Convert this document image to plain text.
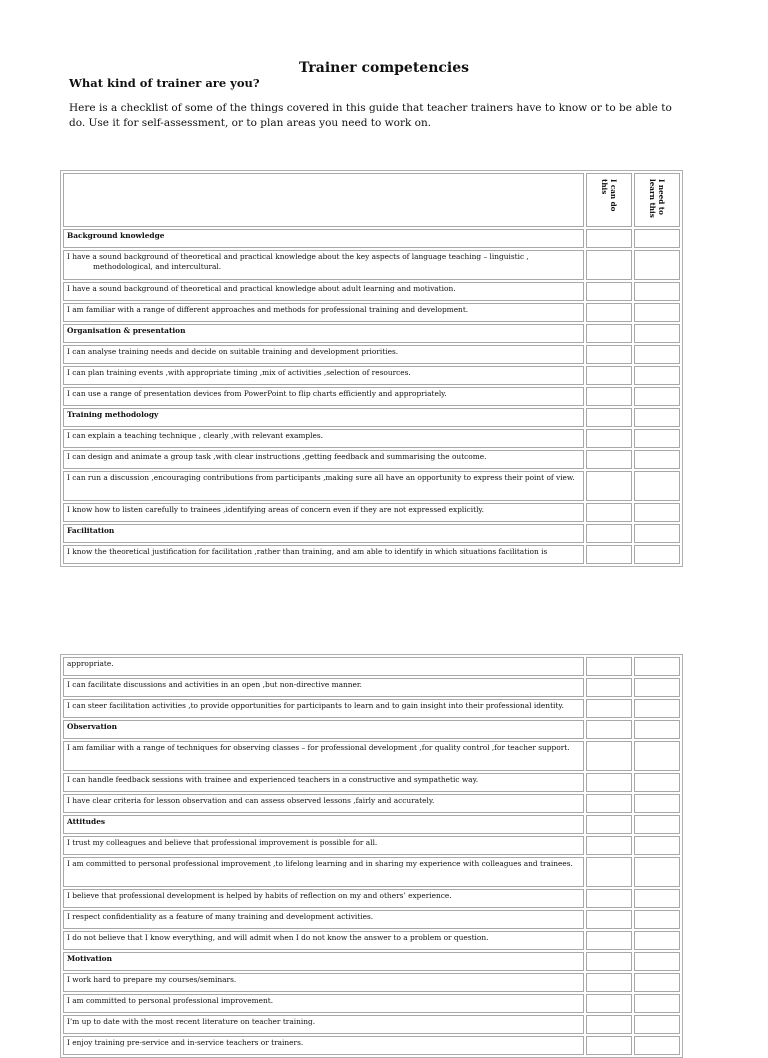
Trainer competencies
What kind of trainer are you?
Here is a checklist of some of the things covered in this guide that teacher trainers have to know or to be able to do. Use it for self-assessment, or to plan areas you need to work on.

	I can do this	I need to learn this

Background knowledge		
I have a sound background of theoretical and practical knowledge about the key aspects of language teaching – linguistic ,
methodological, and intercultural.		

I have a sound background of theoretical and practical knowledge about adult learning and motivation.		
I am familiar with a range of different approaches and methods for professional training and development.		
Organisation & presentation		
I can analyse training needs and decide on suitable training and development priorities.		
I can plan training events ,with appropriate timing ,mix of activities ,selection of resources.		
I can use a range of presentation devices from PowerPoint to flip charts efficiently and appropriately.		
Training methodology		
I can explain a teaching technique , clearly ,with relevant examples.		
I can design and animate a group task ,with clear instructions ,getting feedback and summarising the outcome.		
I can run a discussion ,encouraging contributions from participants ,making sure all have an opportunity to express their point of view.		
I know how to listen carefully to trainees ,identifying areas of concern even if they are not expressed explicitly.		
Facilitation		
I know the theoretical justification for facilitation ,rather than training, and am able to identify in which situations facilitation is		
appropriate.		
I can facilitate discussions and activities in an open ,but non-directive manner.		
I can steer facilitation activities ,to provide opportunities for participants to learn and to gain insight into their professional identity.		
Observation		
I am familiar with a range of techniques for observing classes – for professional development ,for quality control ,for teacher support.		
I can handle feedback sessions with trainee and experienced teachers in a constructive and sympathetic way.		
I have clear criteria for lesson observation and can assess observed lessons ,fairly and accurately.		
Attitudes		
I trust my colleagues and believe that professional improvement is possible for all.		
I am committed to personal professional improvement ,to lifelong learning and in sharing my experience with colleagues and trainees.		
I believe that professional development is helped by habits of reflection on my and others’ experience.		
I respect confidentiality as a feature of many training and development activities.		
I do not believe that I know everything, and will admit when I do not know the answer to a problem or question.		
Motivation		
I work hard to prepare my courses/seminars.		
I am committed to personal professional improvement.		
I’m up to date with the most recent literature on teacher training.		
I enjoy training pre-service and in-service teachers or trainers.		
